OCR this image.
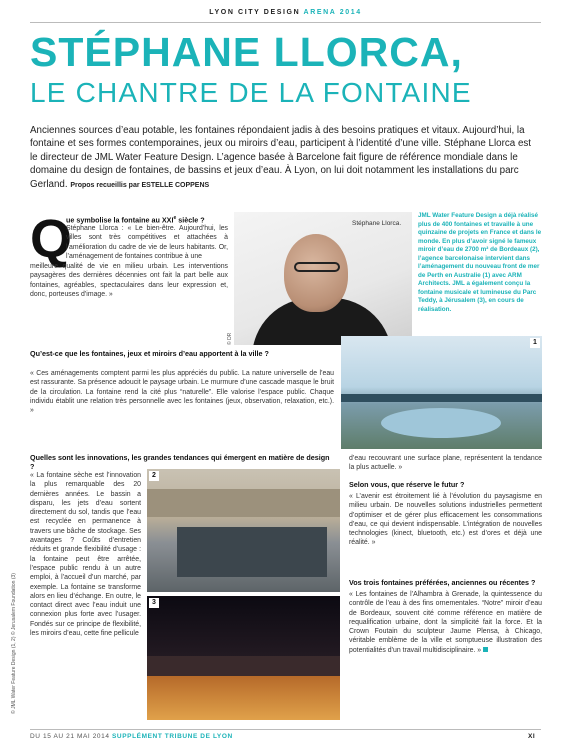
LYON CITY DESIGN ARENA 2014
STÉPHANE LLORCA,
LE CHANTRE DE LA FONTAINE
Anciennes sources d’eau potable, les fontaines répondaient jadis à des besoins pratiques et vitaux. Aujourd’hui, la fontaine et ses formes contemporaines, jeux ou miroirs d’eau, participent à l’identité d’une ville. Stéphane Llorca est le directeur de JML Water Feature Design. L’agence basée à Barcelone fait figure de référence mondiale dans le domaine du design de fontaines, de bassins et jeux d’eau. À Lyon, on lui doit notamment les installations du parc Gerland. Propos recueillis par ESTELLE COPPENS
Q
ue symbolise la fontaine au XXIe siècle ?
Stéphane Llorca : « Le bien-être. Aujourd’hui, les villes sont très compétitives et attachées à l’amélioration du cadre de vie de leurs habitants. Or, l’aménagement de fontaines contribue à une
meilleure qualité de vie en milieu urbain. Les interventions paysagères des dernières décennies ont fait la part belle aux fontaines, agréables, spectaculaires dans leur expression et, donc, porteuses d’image. »
Stéphane Llorca.
© DR
JML Water Feature Design a déjà réalisé plus de 400 fontaines et travaille à une quinzaine de projets en France et dans le monde. En plus d’avoir signé le fameux miroir d’eau de 2700 m² de Bordeaux (2), l’agence barcelonaise intervient dans l’aménagement du nouveau front de mer de Perth en Australie (1) avec ARM Architects. JML a également conçu la fontaine musicale et lumineuse du Parc Teddy, à Jérusalem (3), en cours de réalisation.
Qu’est-ce que les fontaines, jeux et miroirs d’eau apportent à la ville ?
« Ces aménagements comptent parmi les plus appréciés du public. La nature universelle de l’eau est rassurante. Sa présence adoucit le paysage urbain. Le murmure d’une cascade masque le bruit de la circulation. La fontaine rend la cité plus “naturelle”. Elle valorise l’espace public. Chaque individu établit une relation très personnelle avec les fontaines (jeux, observation, relaxation, etc.). »
1
Quelles sont les innovations, les grandes tendances qui émergent en matière de design ?
« La fontaine sèche est l’innovation la plus remarquable des 20 dernières années. Le bassin a disparu, les jets d’eau sortent directement du sol, tandis que l’eau est recyclée en permanence à travers une bâche de stockage. Ses avantages ? Coûts d’entretien réduits et grande flexibilité d’usage : la fontaine peut être arrêtée, l’espace public rendu à un autre emploi, à l’accueil d’un marché, par exemple. La fontaine se transforme alors en lieu d’échange. En outre, le contact direct avec l’eau induit une connexion plus forte avec l’usager. Fondés sur ce principe de flexibilité, les miroirs d’eau, cette fine pellicule
d’eau recouvrant une surface plane, représentent la tendance la plus actuelle. »
2
3
© JML Water Feature Design (1, 2) © Jerusalem Foundation (3)
Selon vous, que réserve le futur ?
« L’avenir est étroitement lié à l’évolution du paysagisme en milieu urbain. De nouvelles solutions industrielles permettent d’optimiser et de gérer plus efficacement les consommations d’eau, ce qui devient indispensable. L’intégration de nouvelles technologies (kinect, bluetooth, etc.) est d’ores et déjà une réalité. »
Vos trois fontaines préférées, anciennes ou récentes ?
« Les fontaines de l’Alhambra à Grenade, la quintessence du contrôle de l’eau à des fins ornementales. “Notre” miroir d’eau de Bordeaux, souvent cité comme référence en matière de requalification urbaine, dont la simplicité fait la force. Et la Crown Foutain du sculpteur Jaume Plensa, à Chicago, véritable emblème de la ville et somptueuse illustration des potentialités d’un travail multidisciplinaire. »
DU 15 AU 21 MAI 2014 SUPPLÉMENT TRIBUNE DE LYON	XI
